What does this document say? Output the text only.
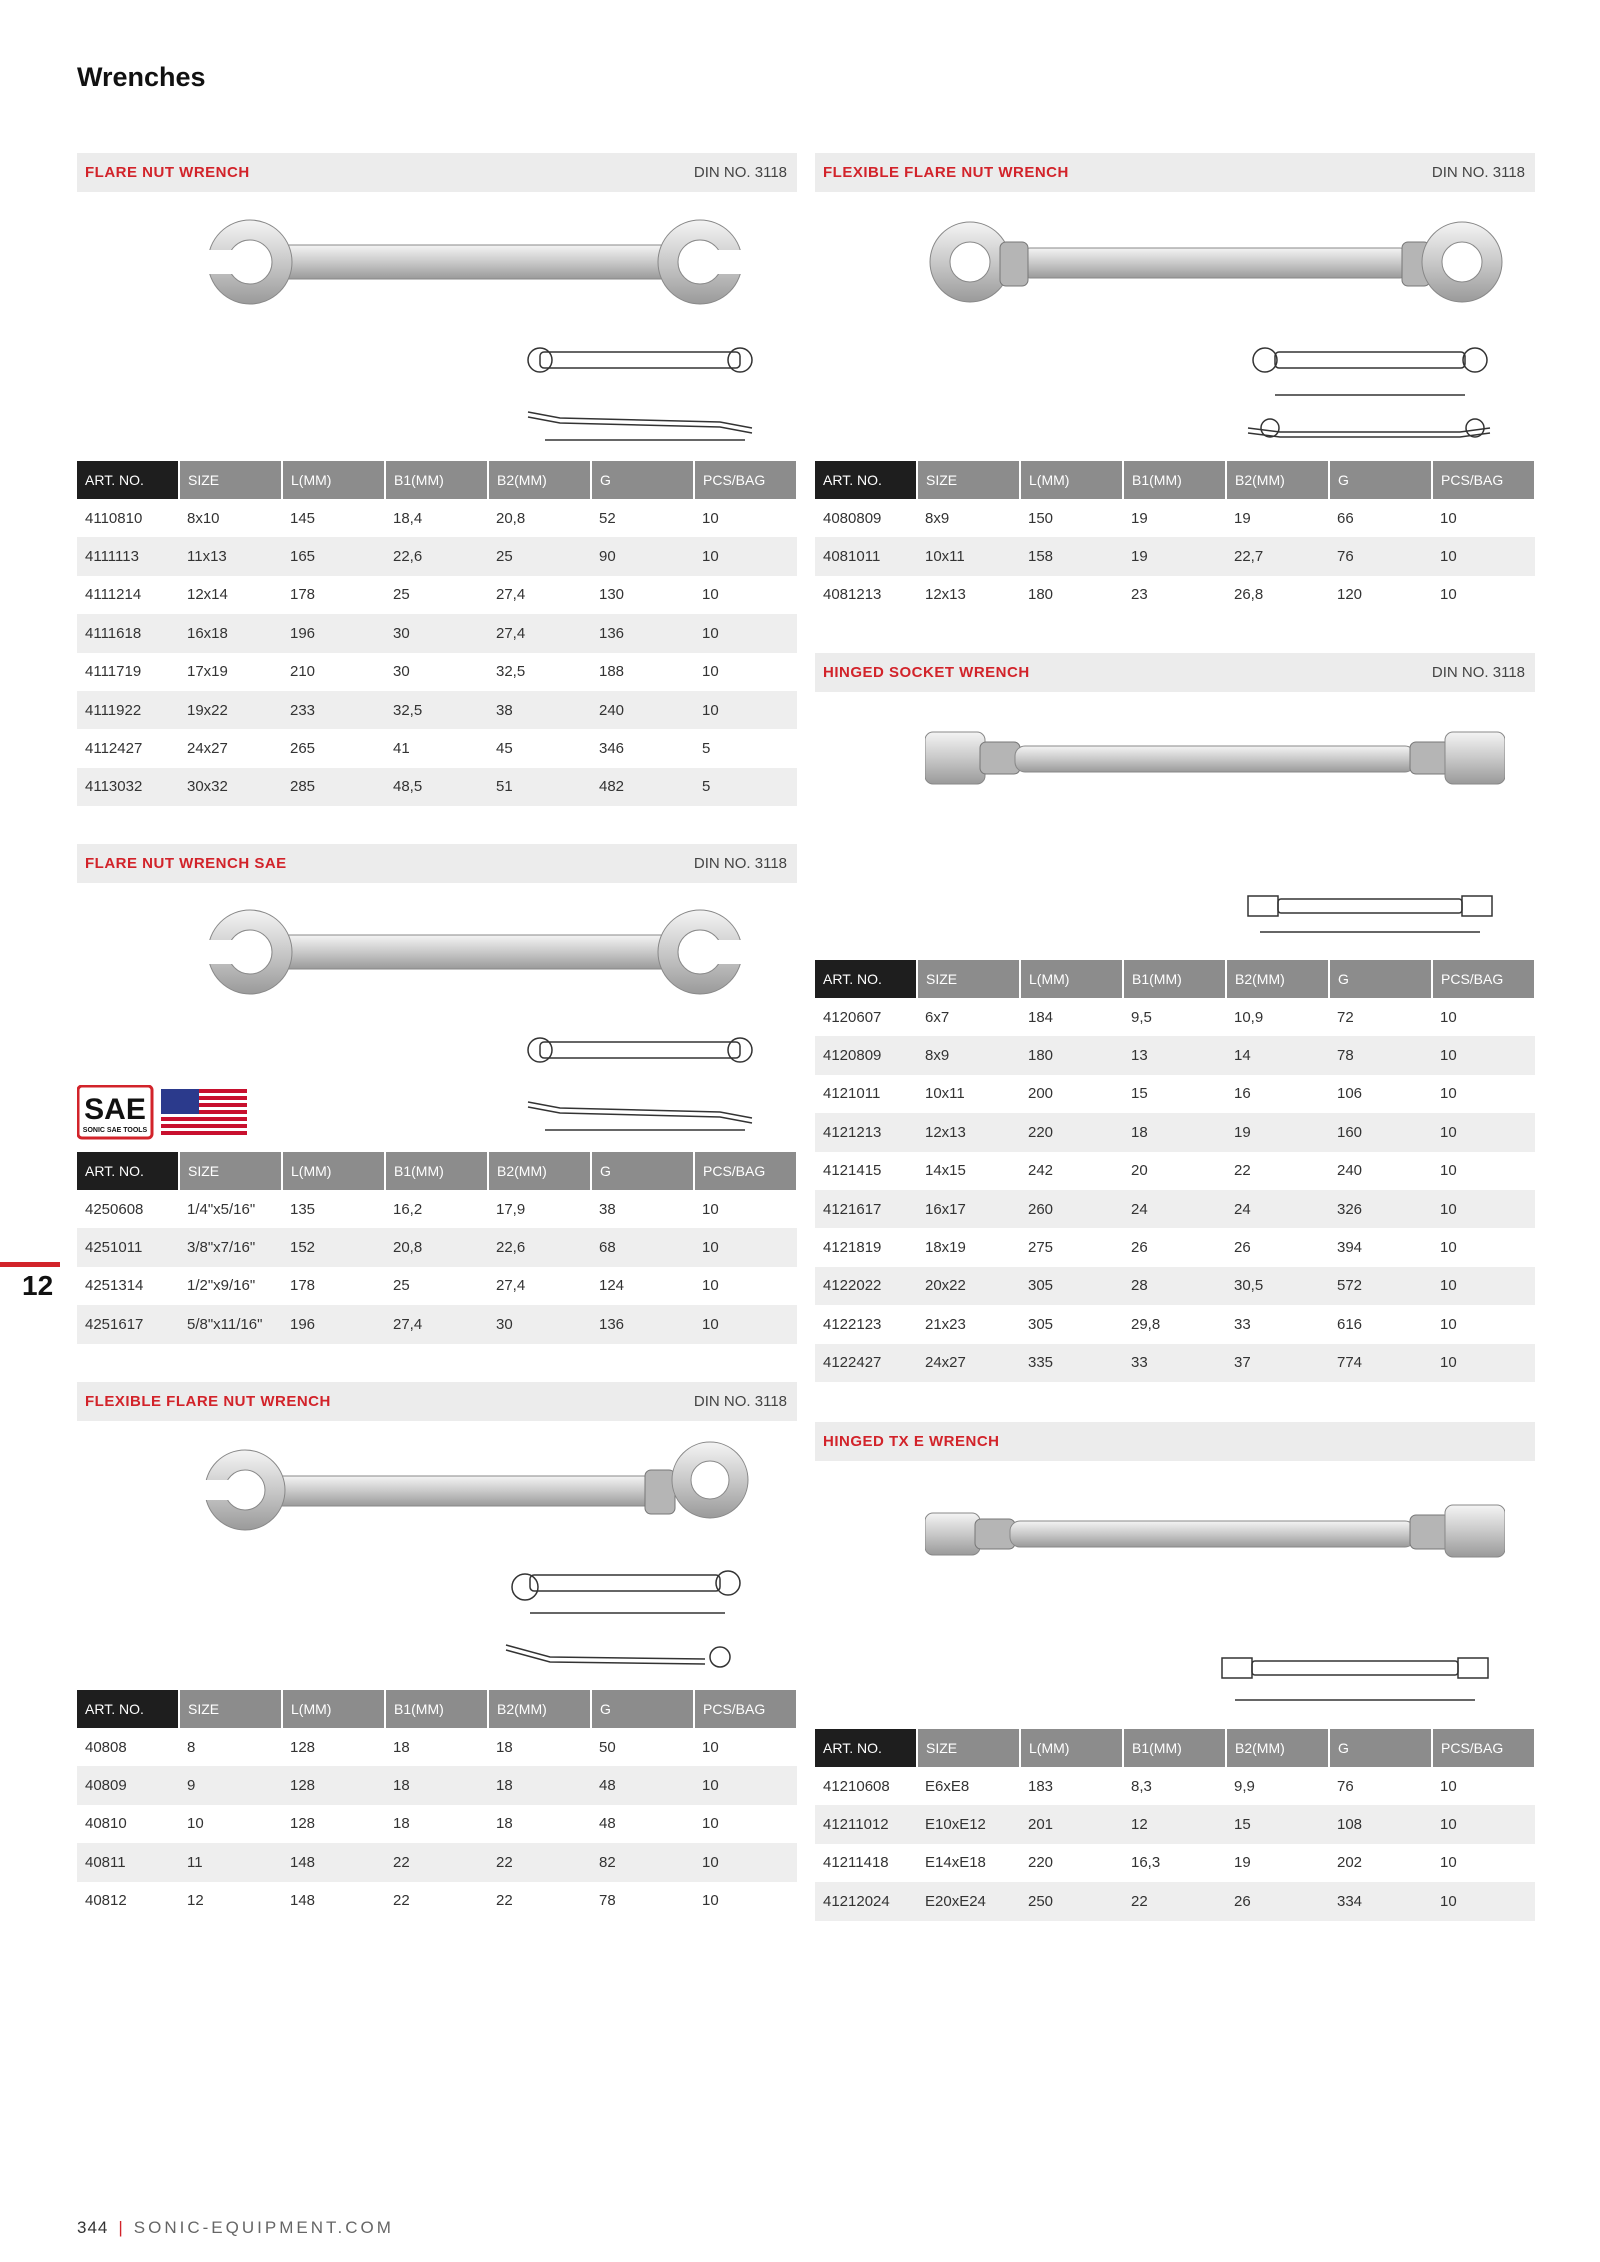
Wrenches
FLARE NUT WRENCH	DIN NO. 3118
ART. NO.	SIZE	L(MM)	B1(MM)	B2(MM)	G	PCS/BAG
4110810	8x10	145	18,4	20,8	52	10
4111113	11x13	165	22,6	25	90	10
4111214	12x14	178	25	27,4	130	10
4111618	16x18	196	30	27,4	136	10
4111719	17x19	210	30	32,5	188	10
4111922	19x22	233	32,5	38	240	10
4112427	24x27	265	41	45	346	5
4113032	30x32	285	48,5	51	482	5
FLARE NUT WRENCH SAE	DIN NO. 3118
SAE
SONIC SAE TOOLS
ART. NO.	SIZE	L(MM)	B1(MM)	B2(MM)	G	PCS/BAG
4250608	1/4"x5/16"	135	16,2	17,9	38	10
4251011	3/8"x7/16"	152	20,8	22,6	68	10
4251314	1/2"x9/16"	178	25	27,4	124	10
4251617	5/8"x11/16"	196	27,4	30	136	10
FLEXIBLE FLARE NUT WRENCH	DIN NO. 3118
ART. NO.	SIZE	L(MM)	B1(MM)	B2(MM)	G	PCS/BAG
40808	8	128	18	18	50	10
40809	9	128	18	18	48	10
40810	10	128	18	18	48	10
40811	11	148	22	22	82	10
40812	12	148	22	22	78	10
FLEXIBLE FLARE NUT WRENCH	DIN NO. 3118
ART. NO.	SIZE	L(MM)	B1(MM)	B2(MM)	G	PCS/BAG
4080809	8x9	150	19	19	66	10
4081011	10x11	158	19	22,7	76	10
4081213	12x13	180	23	26,8	120	10
HINGED SOCKET WRENCH	DIN NO. 3118
ART. NO.	SIZE	L(MM)	B1(MM)	B2(MM)	G	PCS/BAG
4120607	6x7	184	9,5	10,9	72	10
4120809	8x9	180	13	14	78	10
4121011	10x11	200	15	16	106	10
4121213	12x13	220	18	19	160	10
4121415	14x15	242	20	22	240	10
4121617	16x17	260	24	24	326	10
4121819	18x19	275	26	26	394	10
4122022	20x22	305	28	30,5	572	10
4122123	21x23	305	29,8	33	616	10
4122427	24x27	335	33	37	774	10
HINGED TX E WRENCH
ART. NO.	SIZE	L(MM)	B1(MM)	B2(MM)	G	PCS/BAG
41210608	E6xE8	183	8,3	9,9	76	10
41211012	E10xE12	201	12	15	108	10
41211418	E14xE18	220	16,3	19	202	10
41212024	E20xE24	250	22	26	334	10
12
344 | SONIC-EQUIPMENT.COM
